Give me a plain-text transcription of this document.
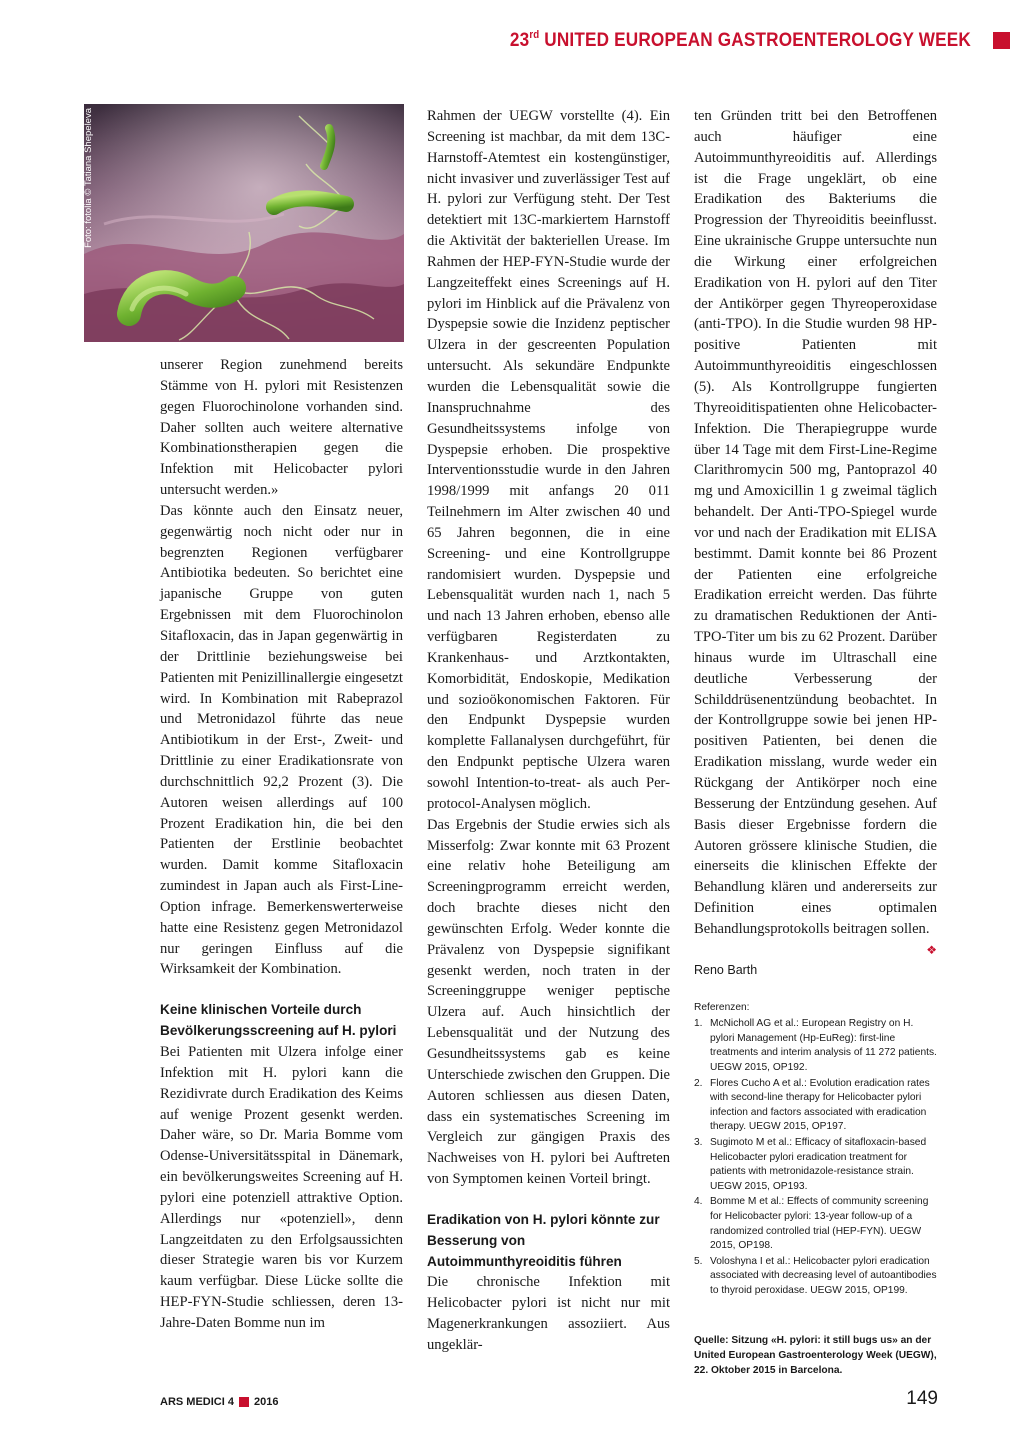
23rd UNITED EUROPEAN GASTROENTEROLOGY WEEK
Foto: fotolia © Tatiana Shepeleva

unserer Region zunehmend bereits Stämme von H. pylori mit Resistenzen gegen Fluorochinolone vorhanden sind. Daher sollten auch weitere alternative Kombinationstherapien gegen die Infektion mit Helicobacter pylori untersucht werden.»

Das könnte auch den Einsatz neuer, gegenwärtig noch nicht oder nur in begrenzten Regionen verfügbarer Antibiotika bedeuten. So berichtet eine japanische Gruppe von guten Ergebnissen mit dem Fluorochinolon Sitafloxacin, das in Japan gegenwärtig in der Drittlinie beziehungsweise bei Patienten mit Penizillinallergie eingesetzt wird. In Kombination mit Rabeprazol und Metronidazol führte das neue Antibiotikum in der Erst-, Zweit- und Drittlinie zu einer Eradikationsrate von durchschnittlich 92,2 Prozent (3). Die Autoren weisen allerdings auf 100 Prozent Eradikation hin, die bei den Patienten der Erstlinie beobachtet wurden. Damit komme Sitafloxacin zumindest in Japan auch als First-Line-Option infrage. Bemerkenswerterweise hatte eine Resistenz gegen Metronidazol nur geringen Einfluss auf die Wirksamkeit der Kombination.

Keine klinischen Vorteile durch Bevölkerungsscreening auf H. pylori

Bei Patienten mit Ulzera infolge einer Infektion mit H. pylori kann die Rezidivrate durch Eradikation des Keims auf wenige Prozent gesenkt werden. Daher wäre, so Dr. Maria Bomme vom Odense-Universitätsspital in Dänemark, ein bevölkerungsweites Screening auf H. pylori eine potenziell attraktive Option. Allerdings nur «potenziell», denn Langzeitdaten zu den Erfolgsaussichten dieser Strategie waren bis vor Kurzem kaum verfügbar. Diese Lücke sollte die HEP-FYN-Studie schliessen, deren 13-Jahre-Daten Bomme nun im

Rahmen der UEGW vorstellte (4). Ein Screening ist machbar, da mit dem 13C-Harnstoff-Atemtest ein kostengünstiger, nicht invasiver und zuverlässiger Test auf H. pylori zur Verfügung steht. Der Test detektiert mit 13C-markiertem Harnstoff die Aktivität der bakteriellen Urease. Im Rahmen der HEP-FYN-Studie wurde der Langzeiteffekt eines Screenings auf H. pylori im Hinblick auf die Prävalenz von Dyspepsie sowie die Inzidenz peptischer Ulzera in der gescreenten Population untersucht. Als sekundäre Endpunkte wurden die Lebensqualität sowie die Inanspruchnahme des Gesundheitssystems infolge von Dyspepsie erhoben. Die prospektive Interventionsstudie wurde in den Jahren 1998/1999 mit anfangs 20 011 Teilnehmern im Alter zwischen 40 und 65 Jahren begonnen, die in eine Screening- und eine Kontrollgruppe randomisiert wurden. Dyspepsie und Lebensqualität wurden nach 1, nach 5 und nach 13 Jahren erhoben, ebenso alle verfügbaren Registerdaten zu Krankenhaus- und Arztkontakten, Komorbidität, Endoskopie, Medikation und sozioökonomischen Faktoren. Für den Endpunkt Dyspepsie wurden komplette Fallanalysen durchgeführt, für den Endpunkt peptische Ulzera waren sowohl Intention-to-treat- als auch Per-protocol-Analysen möglich.

Das Ergebnis der Studie erwies sich als Misserfolg: Zwar konnte mit 63 Prozent eine relativ hohe Beteiligung am Screeningprogramm erreicht werden, doch brachte dieses nicht den gewünschten Erfolg. Weder konnte die Prävalenz von Dyspepsie signifikant gesenkt werden, noch traten in der Screeninggruppe weniger peptische Ulzera auf. Auch hinsichtlich der Lebensqualität und der Nutzung des Gesundheitssystems gab es keine Unterschiede zwischen den Gruppen. Die Autoren schliessen aus diesen Daten, dass ein systematisches Screening im Vergleich zur gängigen Praxis des Nachweises von H. pylori bei Auftreten von Symptomen keinen Vorteil bringt.

Eradikation von H. pylori könnte zur Besserung von Autoimmunthyreoiditis führen

Die chronische Infektion mit Helicobacter pylori ist nicht nur mit Magenerkrankungen assoziiert. Aus ungeklär-

ten Gründen tritt bei den Betroffenen auch häufiger eine Autoimmunthyreoiditis auf. Allerdings ist die Frage ungeklärt, ob eine Eradikation des Bakteriums die Progression der Thyreoiditis beeinflusst. Eine ukrainische Gruppe untersuchte nun die Wirkung einer erfolgreichen Eradikation von H. pylori auf den Titer der Antikörper gegen Thyreoperoxidase (anti-TPO). In die Studie wurden 98 HP-positive Patienten mit Autoimmunthyreoiditis eingeschlossen (5). Als Kontrollgruppe fungierten Thyreoiditispatienten ohne Helicobacter-Infektion. Die Therapiegruppe wurde über 14 Tage mit dem First-Line-Regime Clarithromycin 500 mg, Pantoprazol 40 mg und Amoxicillin 1 g zweimal täglich behandelt. Der Anti-TPO-Spiegel wurde vor und nach der Eradikation mit ELISA bestimmt. Damit konnte bei 86 Prozent der Patienten eine erfolgreiche Eradikation erreicht werden. Das führte zu dramatischen Reduktionen der Anti-TPO-Titer um bis zu 62 Prozent. Darüber hinaus wurde im Ultraschall eine deutliche Verbesserung der Schilddrüsenentzündung beobachtet. In der Kontrollgruppe sowie bei jenen HP-positiven Patienten, bei denen die Eradikation misslang, wurde weder ein Rückgang der Antikörper noch eine Besserung der Entzündung gesehen. Auf Basis dieser Ergebnisse fordern die Autoren grössere klinische Studien, die einerseits die klinischen Effekte der Behandlung klären und andererseits zur Definition eines optimalen Behandlungsprotokolls beitragen sollen.
❖

Reno Barth
Referenzen:
1. McNicholl AG et al.: European Registry on H. pylori Management (Hp-EuReg): first-line treatments and interim analysis of 11 272 patients. UEGW 2015, OP192.
2. Flores Cucho A et al.: Evolution eradication rates with second-line therapy for Helicobacter pylori infection and factors associated with eradication therapy. UEGW 2015, OP197.
3. Sugimoto M et al.: Efficacy of sitafloxacin-based Helicobacter pylori eradication treatment for patients with metronidazole-resistance strain. UEGW 2015, OP193.
4. Bomme M et al.: Effects of community screening for Helicobacter pylori: 13-year follow-up of a randomized controlled trial (HEP-FYN). UEGW 2015, OP198.
5. Voloshyna I et al.: Helicobacter pylori eradication associated with decreasing level of autoantibodies to thyroid peroxidase. UEGW 2015, OP199.
Quelle: Sitzung «H. pylori: it still bugs us» an der United European Gastroenterology Week (UEGW), 22. Oktober 2015 in Barcelona.
ARS MEDICI 4 2016	149
